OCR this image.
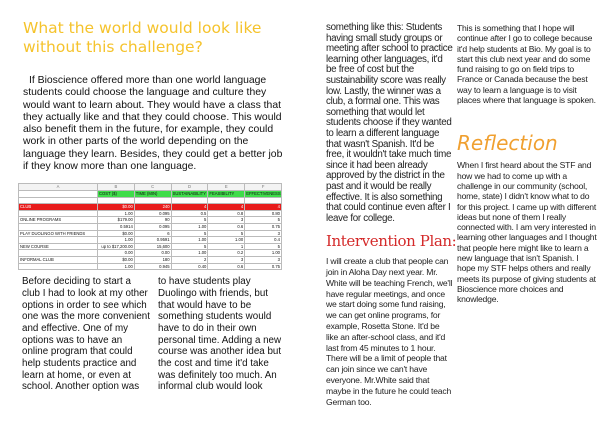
What the world would look like without this challenge?

If Bioscience offered more than one world language students could choose the language and culture they would want to learn about. They would have a class that they actually like and that they could choose. This would also benefit them in the future, for example, they could work in other parts of the world depending on the language they learn. Besides, they could get a better job if they know more than one language.

A	B	C	D	E	F
	COST ($)	TIME (MIN)	SUSTAINABILITY	FEASIBILITY	EFFECTIVENESS

CLUB	$0.00	240	4	4	4
	1.00	0.095	0.5	0.8	0.80
ONLINE PROGRAMS	$179.00	90	5	3	5
	0.5914	0.095	1.00	0.6	0.75
PLAY DUOLINGO WITH FRIENDS	$0.00	6	5	5	3
	1.00	0.9591	1.00	1.00	0.4
NEW COURSE	up to $17,200.00	15,600	5	1	5
	0.00	0.00	1.00	0.2	1.00
INFORMAL CLUB	$0.00	180	2	3	3
	1.00	0.945	0.40	0.6	0.75

Before deciding to start a club I had to look at my other options in order to see which one was the more convenient and effective. One of my options was to have an online program that could help students practice and learn at home, or even at school. Another option was

to have students play Duolingo with friends, but that would have to be something students would have to do in their own personal time. Adding a new course was another idea but the cost and time it'd take was definitely too much. An informal club would look

something like this: Students having small study groups or meeting after school to practice learning other languages, it'd be free of cost but the sustainability score was really low. Lastly, the winner was a club, a formal one. This was something that would let students choose if they wanted to learn a different language that wasn't Spanish. It'd be free, it wouldn't take much time since it had been already approved by the district in the past and it would be really effective. It is also something that could continue even after I leave for college.

Intervention Plan:

I will create a club that people can join in Aloha Day next year. Mr. White will be teaching French, we'll have regular meetings, and once we start doing some fund raising, we can get online programs, for example, Rosetta Stone. It'd be like an after-school class, and it'd last from 45 minutes to 1 hour. There will be a limit of people that can join since we can't have everyone. Mr.White said that maybe in the future he could teach German too.

This is something that I hope will continue after I go to college because it'd help students at Bio. My goal is to start this club next year and do some fund raising to go on field trips to France or Canada because the best way to learn a language is to visit places where that language is spoken.

Reflection

When I first heard about the STF and how we had to come up with a challenge in our community (school, home, state) I didn't know what to do for this project. I came up with different ideas but none of them I really connected with. I am very interested in learning other languages and I thought that people here might like to learn a new language that isn't Spanish. I hope my STF helps others and really meets its purpose of giving students at Bioscience more choices and knowledge.
